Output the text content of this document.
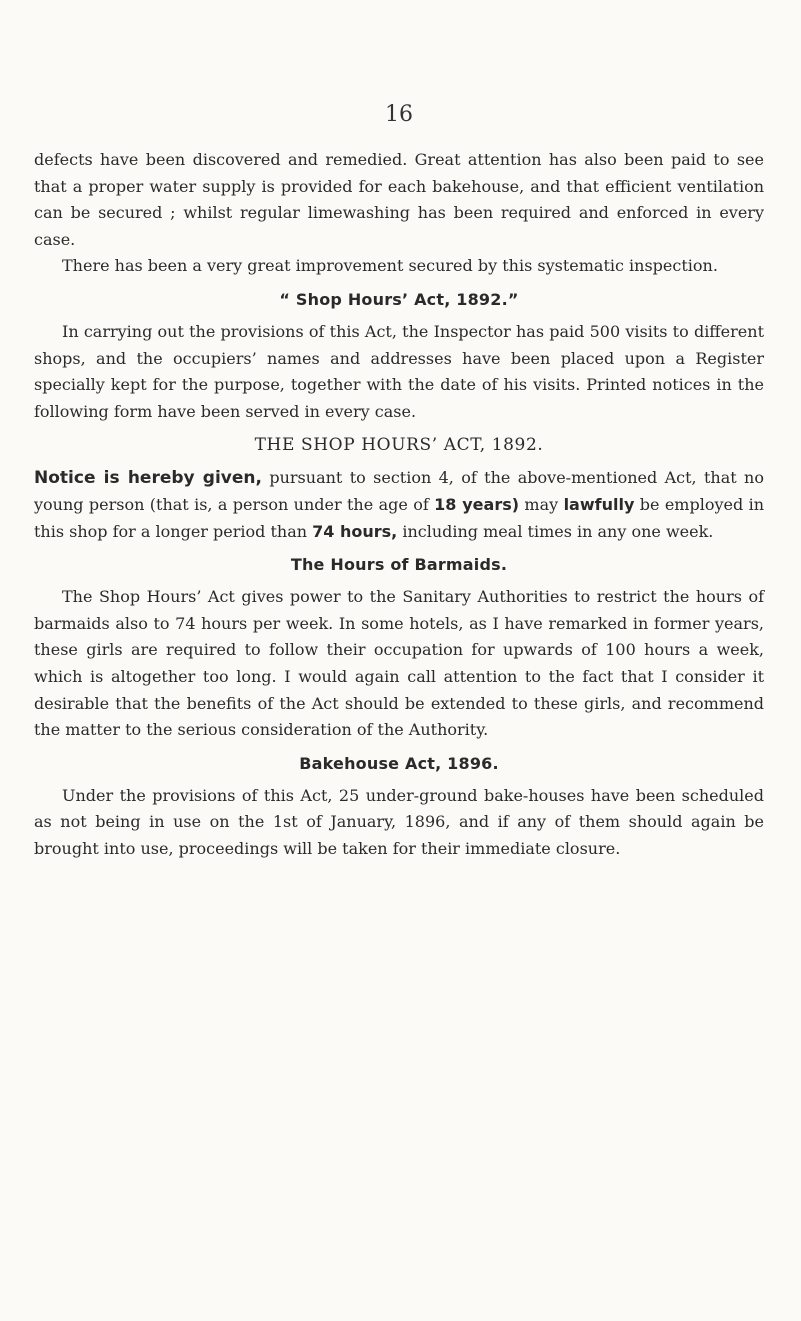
16

defects have been discovered and remedied. Great attention has also been paid to see that a proper water supply is provided for each bakehouse, and that efficient ventilation can be secured ; whilst regular limewashing has been required and enforced in every case.

There has been a very great improvement secured by this systematic inspection.

“ Shop Hours’ Act, 1892.”

In carrying out the provisions of this Act, the Inspector has paid 500 visits to different shops, and the occupiers’ names and addresses have been placed upon a Register specially kept for the purpose, together with the date of his visits. Printed notices in the following form have been served in every case.

THE SHOP HOURS’ ACT, 1892.

Notice is hereby given, pursuant to section 4, of the above-mentioned Act, that no young person (that is, a person under the age of 18 years) may lawfully be employed in this shop for a longer period than 74 hours, including meal times in any one week.

The Hours of Barmaids.

The Shop Hours’ Act gives power to the Sanitary Authorities to restrict the hours of barmaids also to 74 hours per week. In some hotels, as I have remarked in former years, these girls are required to follow their occupation for upwards of 100 hours a week, which is altogether too long. I would again call attention to the fact that I consider it desirable that the benefits of the Act should be extended to these girls, and recommend the matter to the serious consideration of the Authority.

Bakehouse Act, 1896.

Under the provisions of this Act, 25 under-ground bake-houses have been scheduled as not being in use on the 1st of January, 1896, and if any of them should again be brought into use, proceedings will be taken for their immediate closure.
